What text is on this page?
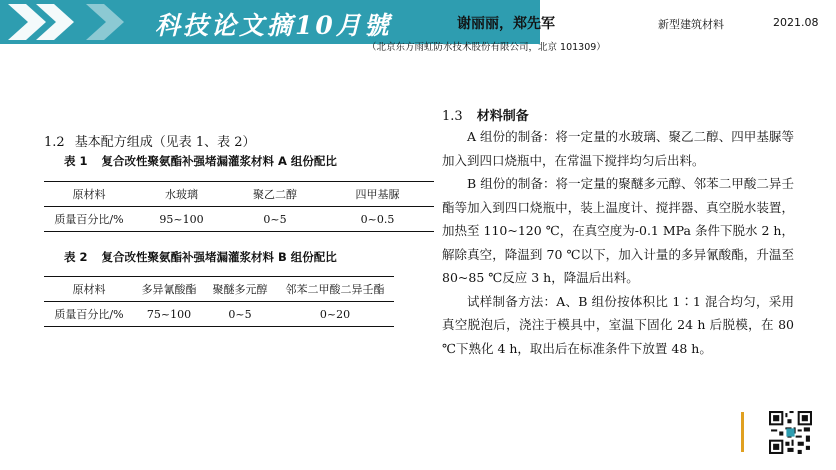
科技论文摘10月號	谢丽丽，郑先军	新型建筑材料	2021.08
（北京东方雨虹防水技术股份有限公司，北京 101309）
1.2 基本配方组成（见表 1、表 2）
表 1 复合改性聚氨酯补强堵漏灌浆材料 A 组份配比
原材料	水玻璃	聚乙二醇	四甲基脲
质量百分比/%	95~100	0~5	0~0.5
表 2 复合改性聚氨酯补强堵漏灌浆材料 B 组份配比
原材料	多异氰酸酯	聚醚多元醇	邻苯二甲酸二异壬酯
质量百分比/%	75~100	0~5	0~20
1.3 材料制备

A 组份的制备：将一定量的水玻璃、聚乙二醇、四甲基脲等加入到四口烧瓶中，在常温下搅拌均匀后出料。

B 组份的制备：将一定量的聚醚多元醇、邻苯二甲酸二异壬酯等加入到四口烧瓶中，装上温度计、搅拌器、真空脱水装置，加热至 110~120 ℃，在真空度为-0.1 MPa 条件下脱水 2 h，解除真空，降温到 70 ℃以下，加入计量的多异氰酸酯，升温至 80~85 ℃反应 3 h，降温后出料。

试样制备方法：A、B 组份按体积比 1∶1 混合均匀，采用真空脱泡后，浇注于模具中，室温下固化 24 h 后脱模，在 80 ℃下熟化 4 h，取出后在标准条件下放置 48 h。
